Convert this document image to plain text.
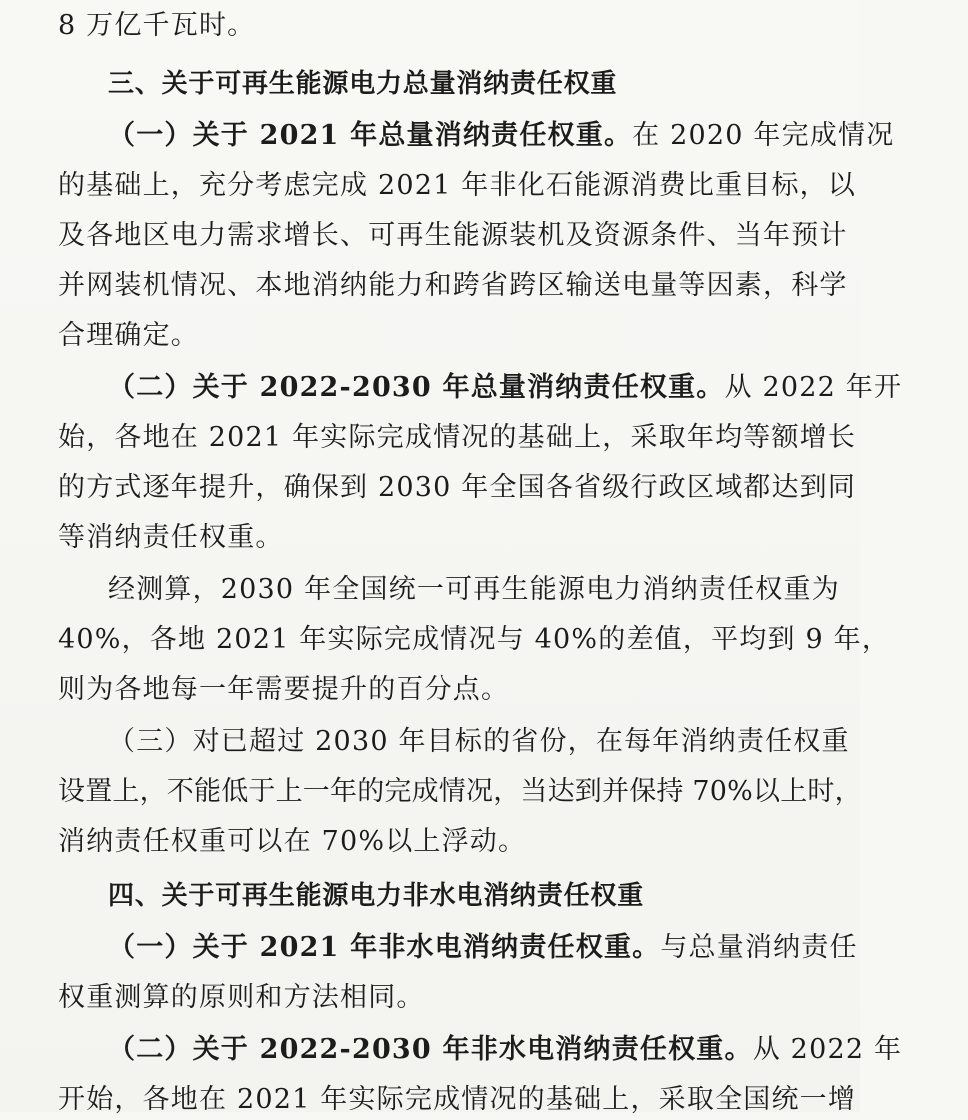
8 万亿千瓦时。
三、关于可再生能源电力总量消纳责任权重
（一）关于 2021 年总量消纳责任权重。在 2020 年完成情况
的基础上，充分考虑完成 2021 年非化石能源消费比重目标，以
及各地区电力需求增长、可再生能源装机及资源条件、当年预计
并网装机情况、本地消纳能力和跨省跨区输送电量等因素，科学
合理确定。
（二）关于 2022-2030 年总量消纳责任权重。从 2022 年开
始，各地在 2021 年实际完成情况的基础上，采取年均等额增长
的方式逐年提升，确保到 2030 年全国各省级行政区域都达到同
等消纳责任权重。
经测算，2030 年全国统一可再生能源电力消纳责任权重为
40%，各地 2021 年实际完成情况与 40%的差值，平均到 9 年，
则为各地每一年需要提升的百分点。
（三）对已超过 2030 年目标的省份，在每年消纳责任权重
设置上，不能低于上一年的完成情况，当达到并保持 70%以上时，
消纳责任权重可以在 70%以上浮动。
四、关于可再生能源电力非水电消纳责任权重
（一）关于 2021 年非水电消纳责任权重。与总量消纳责任
权重测算的原则和方法相同。
（二）关于 2022-2030 年非水电消纳责任权重。从 2022 年
开始，各地在 2021 年实际完成情况的基础上，采取全国统一增
